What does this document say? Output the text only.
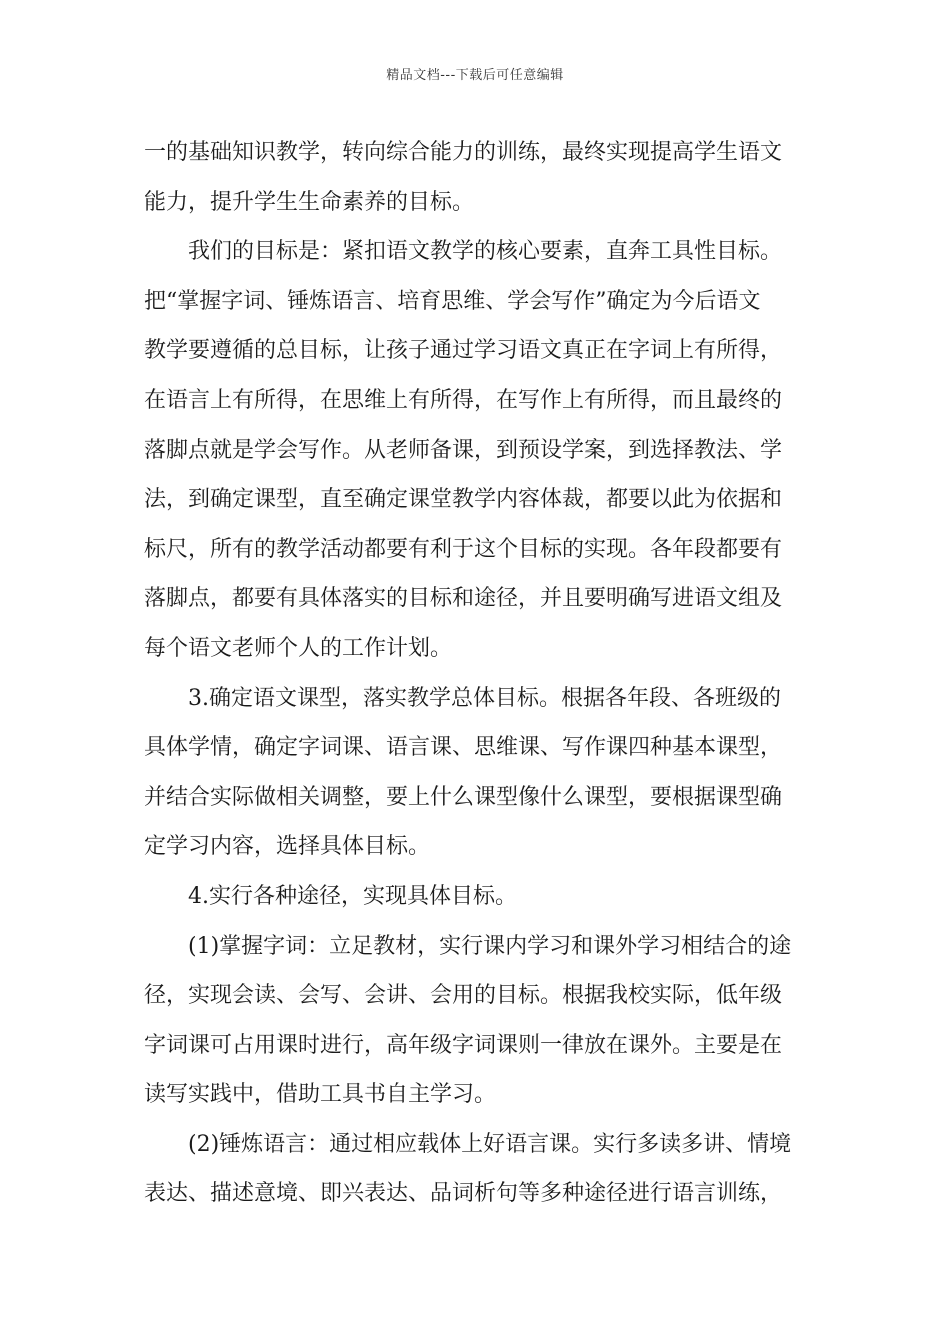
精品文档---下载后可任意编辑
一的基础知识教学，转向综合能力的训练，最终实现提高学生语文
能力，提升学生生命素养的目标。
我们的目标是：紧扣语文教学的核心要素，直奔工具性目标。
把“掌握字词、锤炼语言、培育思维、学会写作”确定为今后语文
教学要遵循的总目标，让孩子通过学习语文真正在字词上有所得，
在语言上有所得，在思维上有所得，在写作上有所得，而且最终的
落脚点就是学会写作。从老师备课，到预设学案，到选择教法、学
法，到确定课型，直至确定课堂教学内容体裁，都要以此为依据和
标尺，所有的教学活动都要有利于这个目标的实现。各年段都要有
落脚点，都要有具体落实的目标和途径，并且要明确写进语文组及
每个语文老师个人的工作计划。
3.确定语文课型，落实教学总体目标。根据各年段、各班级的
具体学情，确定字词课、语言课、思维课、写作课四种基本课型，
并结合实际做相关调整，要上什么课型像什么课型，要根据课型确
定学习内容，选择具体目标。
4.实行各种途径，实现具体目标。
(1)掌握字词：立足教材，实行课内学习和课外学习相结合的途
径，实现会读、会写、会讲、会用的目标。根据我校实际，低年级
字词课可占用课时进行，高年级字词课则一律放在课外。主要是在
读写实践中，借助工具书自主学习。
(2)锤炼语言：通过相应载体上好语言课。实行多读多讲、情境
表达、描述意境、即兴表达、品词析句等多种途径进行语言训练，
